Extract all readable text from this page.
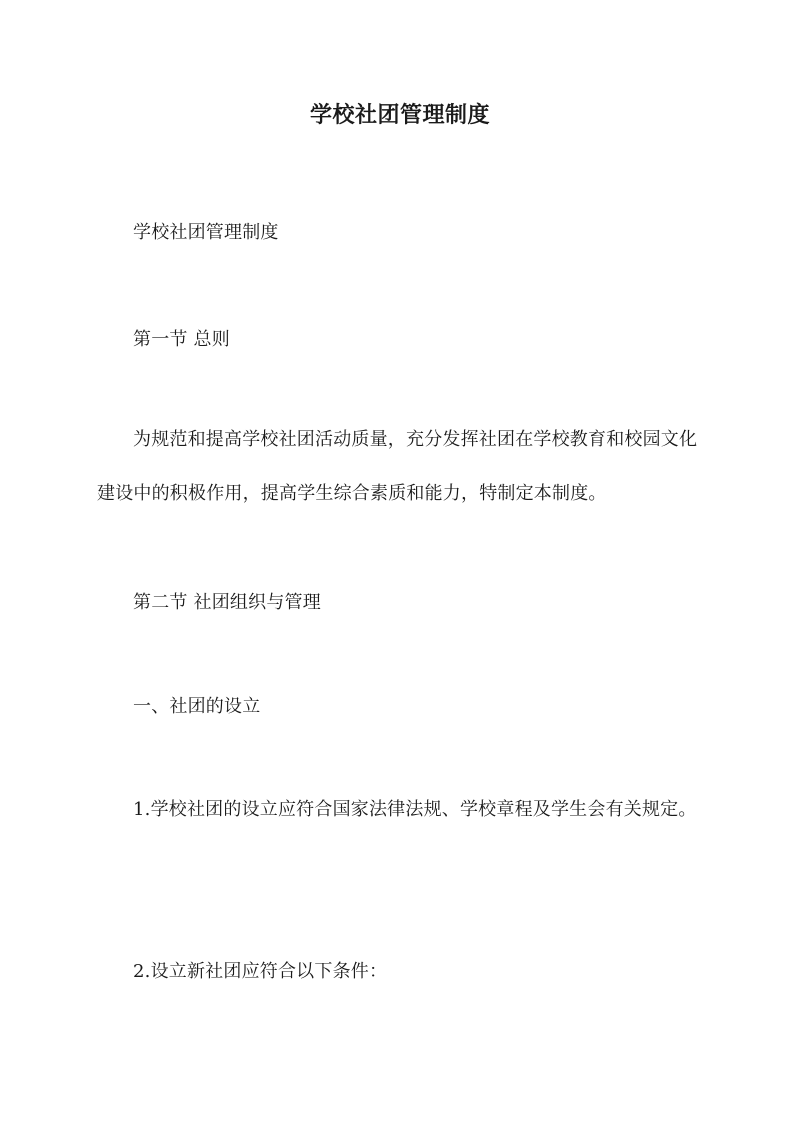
学校社团管理制度
学校社团管理制度
第一节 总则
为规范和提高学校社团活动质量，充分发挥社团在学校教育和校园文化建设中的积极作用，提高学生综合素质和能力，特制定本制度。
第二节 社团组织与管理
一、社团的设立
1.学校社团的设立应符合国家法律法规、学校章程及学生会有关规定。
2.设立新社团应符合以下条件：
